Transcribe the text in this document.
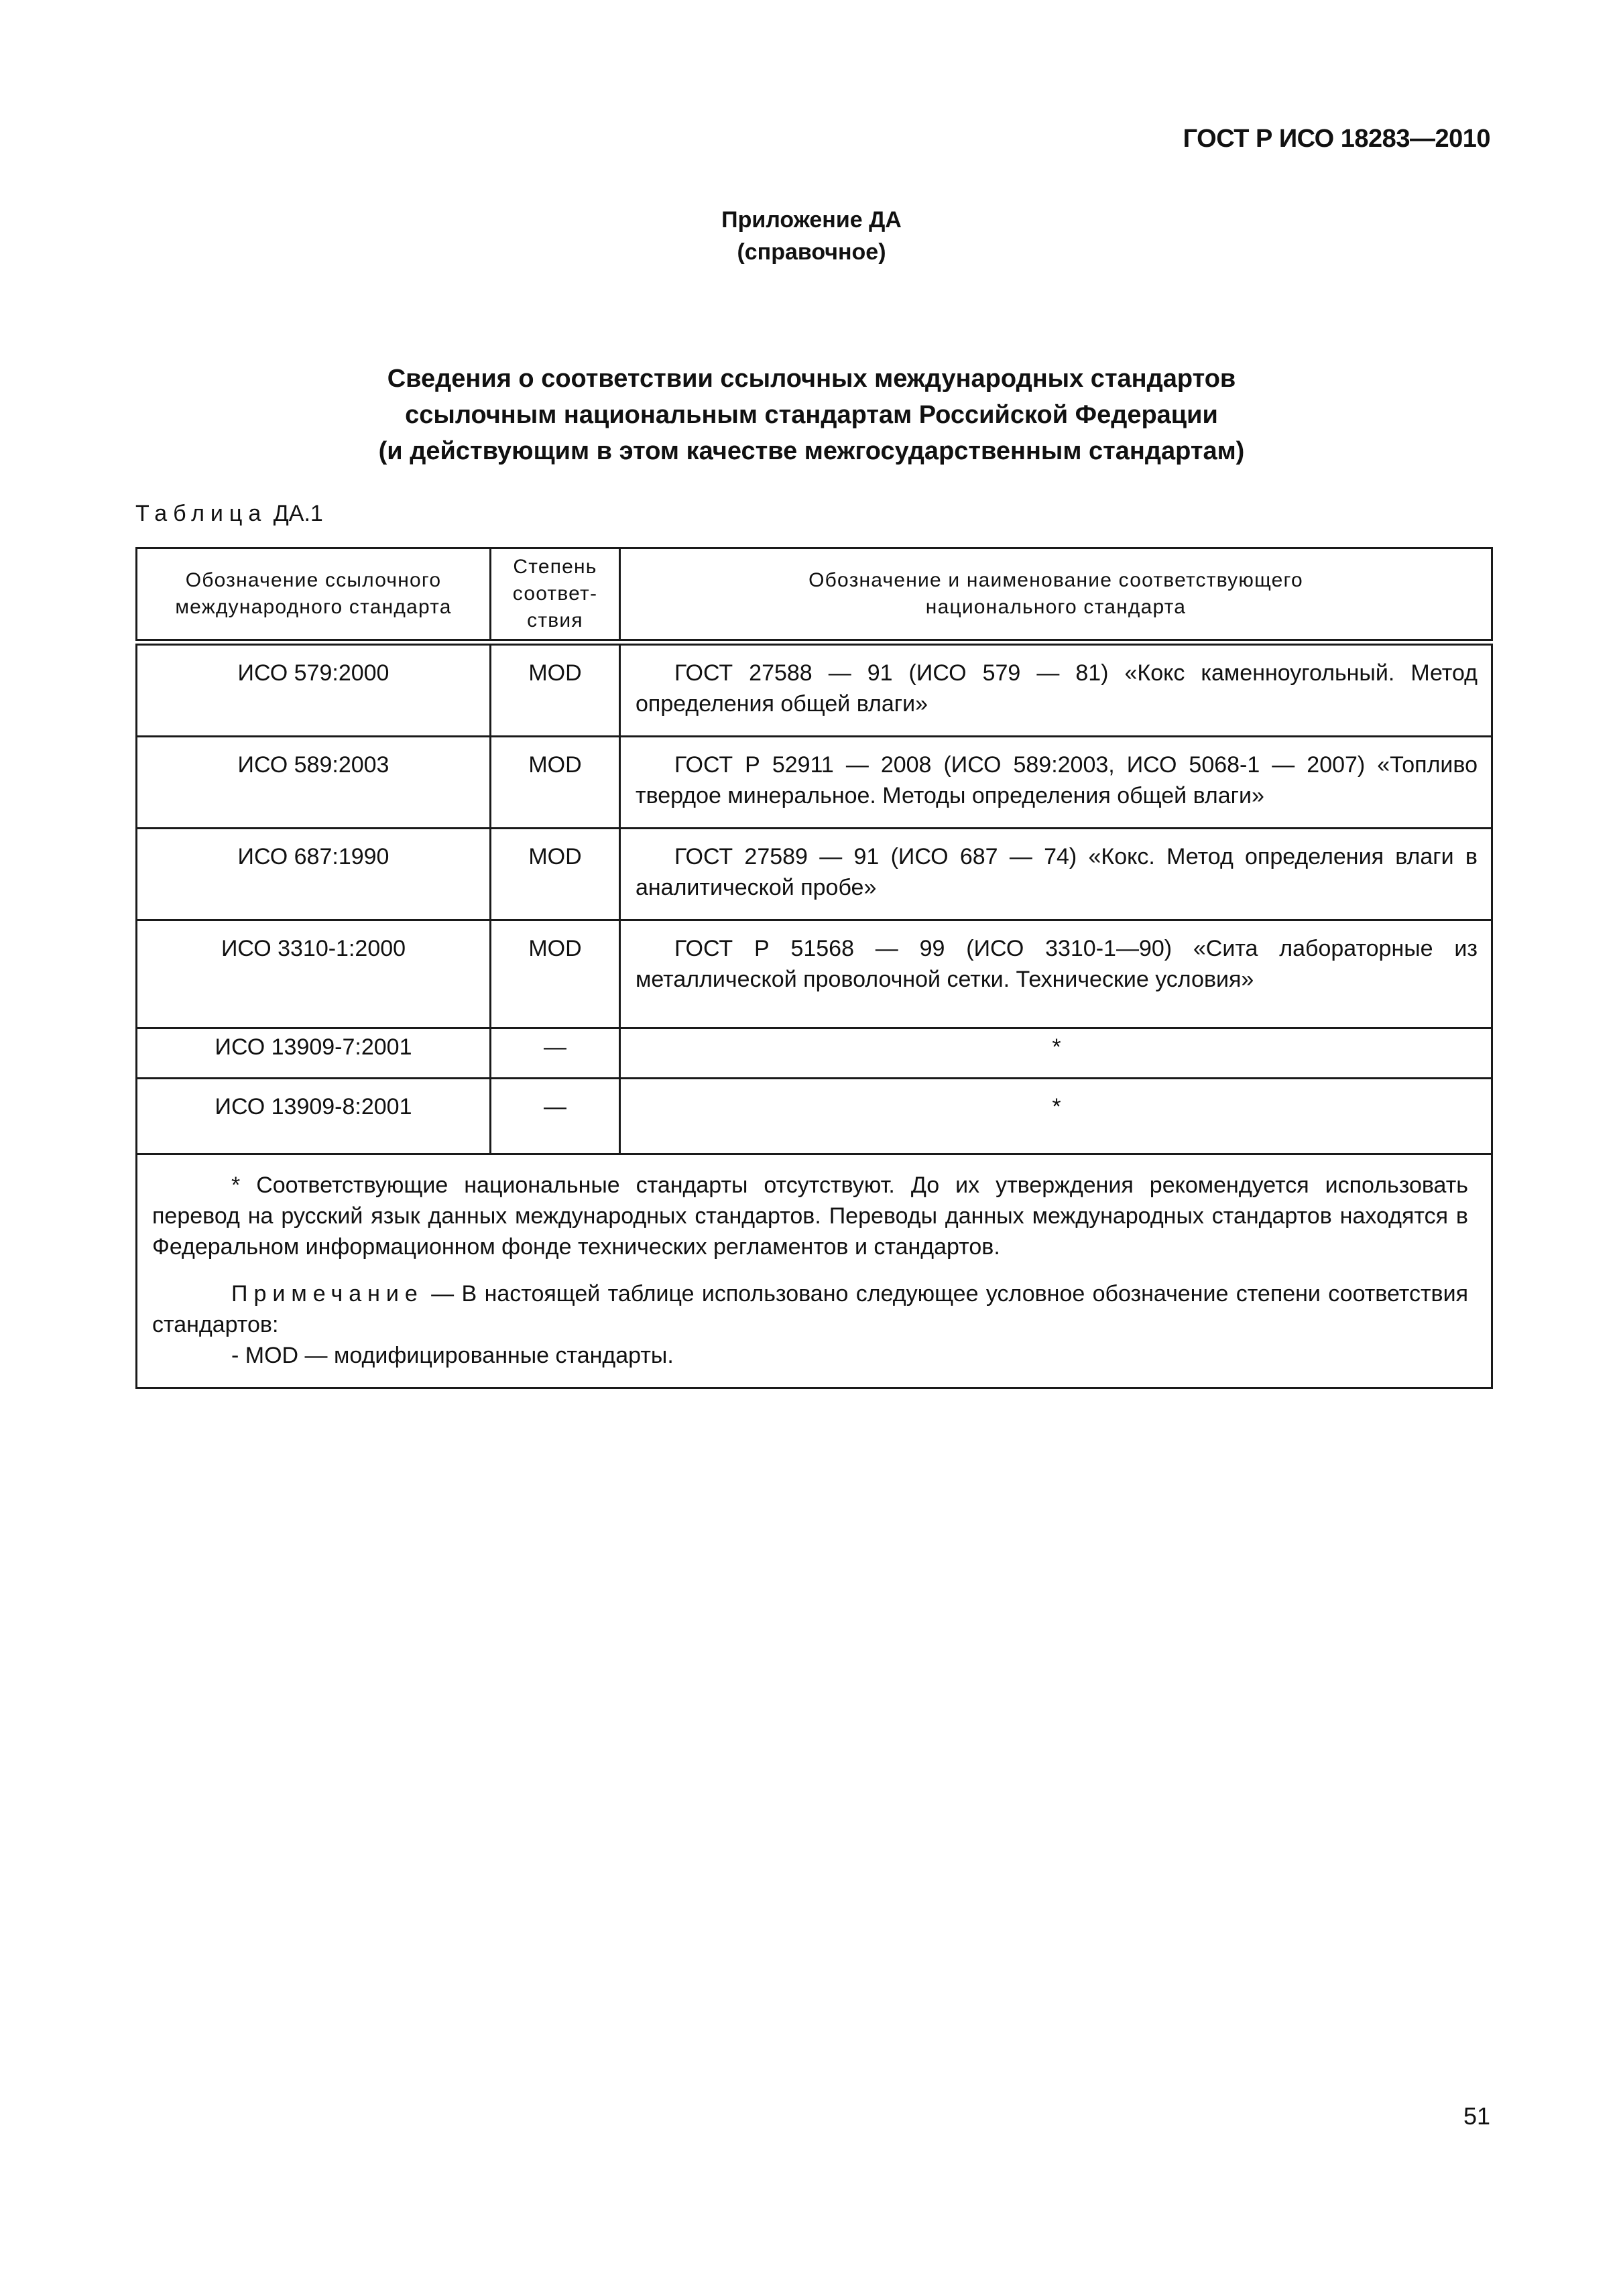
ГОСТ Р ИСО 18283—2010
Приложение ДА
(справочное)
Сведения о соответствии ссылочных международных стандартов
ссылочным национальным стандартам Российской Федерации
(и действующим в этом качестве межгосударственным стандартам)
Таблица ДА.1
Обозначение ссылочного международного стандарта	Степень соответ-ствия	Обозначение и наименование соответствующего национального стандарта
ИСО 579:2000	MOD	ГОСТ 27588 — 91 (ИСО 579 — 81) «Кокс каменноугольный. Метод определения общей влаги»
ИСО 589:2003	MOD	ГОСТ Р 52911 — 2008 (ИСО 589:2003, ИСО 5068-1 — 2007) «Топливо твердое минеральное. Методы определения общей влаги»
ИСО 687:1990	MOD	ГОСТ 27589 — 91 (ИСО 687 — 74) «Кокс. Метод определения влаги в аналитической пробе»
ИСО 3310-1:2000	MOD	ГОСТ Р 51568 — 99 (ИСО 3310-1—90) «Сита лабораторные из металлической проволочной сетки. Технические условия»
ИСО 13909-7:2001	—	*
ИСО 13909-8:2001	—	*

* Соответствующие национальные стандарты отсутствуют. До их утверждения рекомендуется использовать перевод на русский язык данных международных стандартов. Переводы данных международных стандартов находятся в Федеральном информационном фонде технических регламентов и стандартов.

Примечание — В настоящей таблице использовано следующее условное обозначение степени соответствия стандартов:

- MOD — модифицированные стандарты.		

51
